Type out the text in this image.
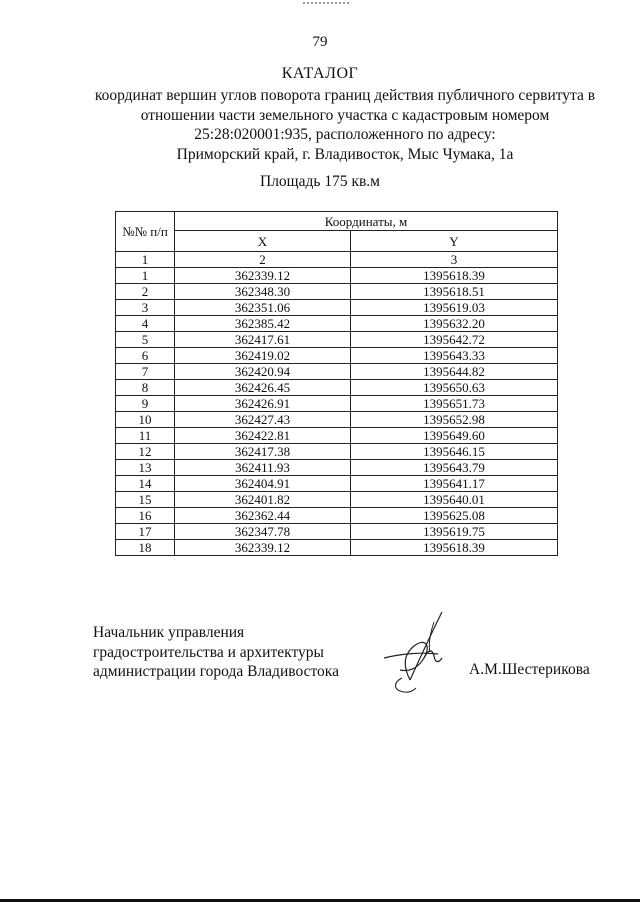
79
КАТАЛОГ
координат вершин углов поворота границ действия публичного сервитута в
отношении части земельного участка с кадастровым номером
25:28:020001:935, расположенного по адресу:
Приморский край, г. Владивосток, Мыс Чумака, 1а
Площадь 175 кв.м
№№ п/п	Координаты, м	
	X	Y
1	2	3
1	362339.12	1395618.39
2	362348.30	1395618.51
3	362351.06	1395619.03
4	362385.42	1395632.20
5	362417.61	1395642.72
6	362419.02	1395643.33
7	362420.94	1395644.82
8	362426.45	1395650.63
9	362426.91	1395651.73
10	362427.43	1395652.98
11	362422.81	1395649.60
12	362417.38	1395646.15
13	362411.93	1395643.79
14	362404.91	1395641.17
15	362401.82	1395640.01
16	362362.44	1395625.08
17	362347.78	1395619.75
18	362339.12	1395618.39
Начальник управления
градостроительства и архитектуры
администрации города Владивостока	А.М.Шестерикова
